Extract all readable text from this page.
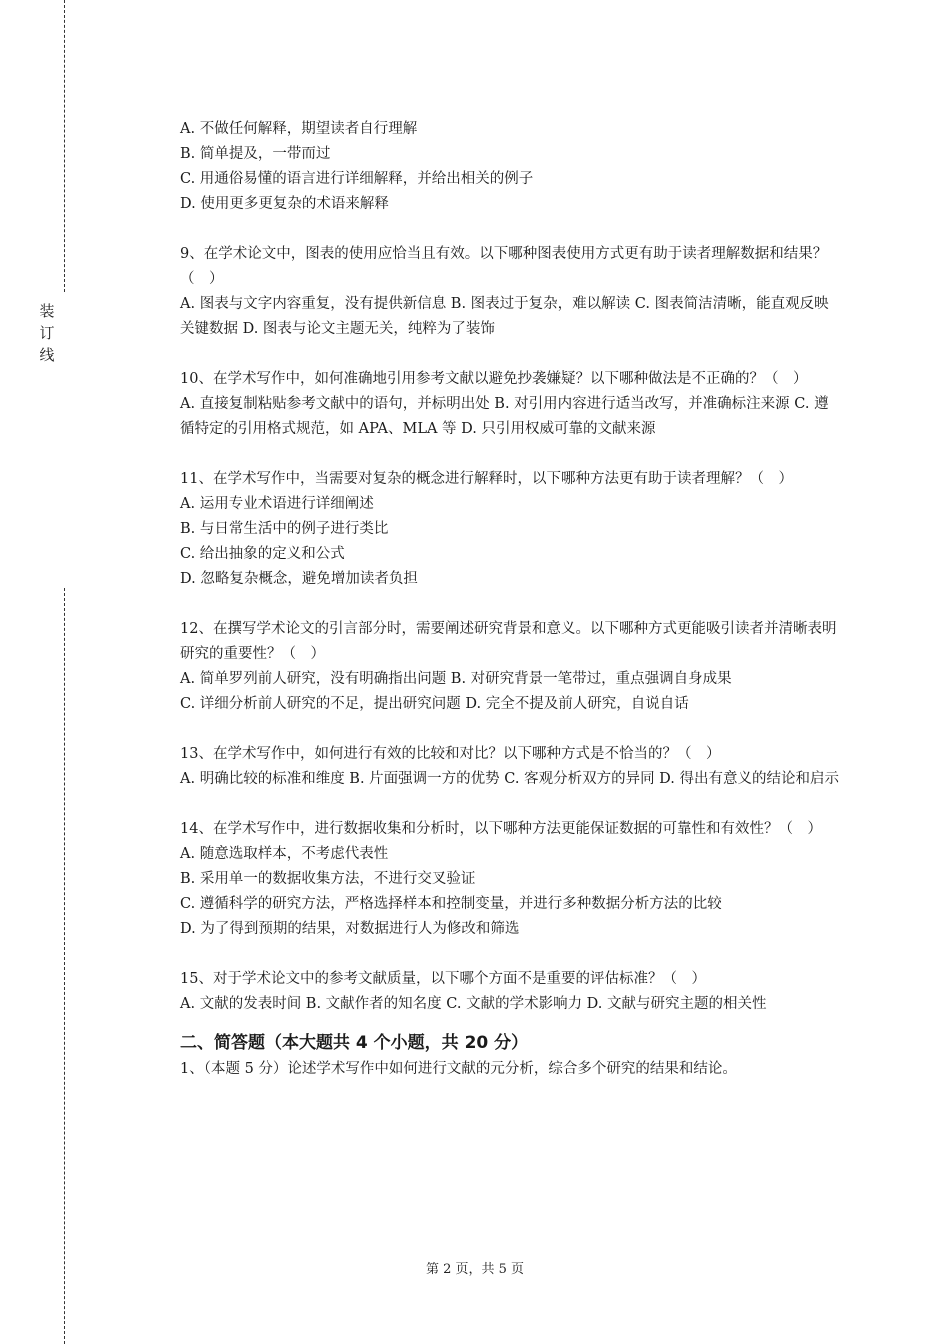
装
订
线

A. 不做任何解释，期望读者自行理解

B. 简单提及，一带而过

C. 用通俗易懂的语言进行详细解释，并给出相关的例子

D. 使用更多更复杂的术语来解释

9、在学术论文中，图表的使用应恰当且有效。以下哪种图表使用方式更有助于读者理解数据和结果？（　）

A. 图表与文字内容重复，没有提供新信息 B. 图表过于复杂，难以解读 C. 图表简洁清晰，能直观反映关键数据 D. 图表与论文主题无关，纯粹为了装饰

10、在学术写作中，如何准确地引用参考文献以避免抄袭嫌疑？以下哪种做法是不正确的？（　）

A. 直接复制粘贴参考文献中的语句，并标明出处 B. 对引用内容进行适当改写，并准确标注来源 C. 遵循特定的引用格式规范，如 APA、MLA 等 D. 只引用权威可靠的文献来源

11、在学术写作中，当需要对复杂的概念进行解释时，以下哪种方法更有助于读者理解？（　）

A. 运用专业术语进行详细阐述

B. 与日常生活中的例子进行类比

C. 给出抽象的定义和公式

D. 忽略复杂概念，避免增加读者负担

12、在撰写学术论文的引言部分时，需要阐述研究背景和意义。以下哪种方式更能吸引读者并清晰表明研究的重要性？（　）

A. 简单罗列前人研究，没有明确指出问题 B. 对研究背景一笔带过，重点强调自身成果

C. 详细分析前人研究的不足，提出研究问题 D. 完全不提及前人研究，自说自话

13、在学术写作中，如何进行有效的比较和对比？以下哪种方式是不恰当的？（　）

A. 明确比较的标准和维度 B. 片面强调一方的优势 C. 客观分析双方的异同 D. 得出有意义的结论和启示

14、在学术写作中，进行数据收集和分析时，以下哪种方法更能保证数据的可靠性和有效性？（　）

A. 随意选取样本，不考虑代表性

B. 采用单一的数据收集方法，不进行交叉验证

C. 遵循科学的研究方法，严格选择样本和控制变量，并进行多种数据分析方法的比较

D. 为了得到预期的结果，对数据进行人为修改和筛选

15、对于学术论文中的参考文献质量，以下哪个方面不是重要的评估标准？（　）

A. 文献的发表时间 B. 文献作者的知名度 C. 文献的学术影响力 D. 文献与研究主题的相关性

二、简答题（本大题共 4 个小题，共 20 分）

1、（本题 5 分）论述学术写作中如何进行文献的元分析，综合多个研究的结果和结论。

第 2 页，共 5 页
